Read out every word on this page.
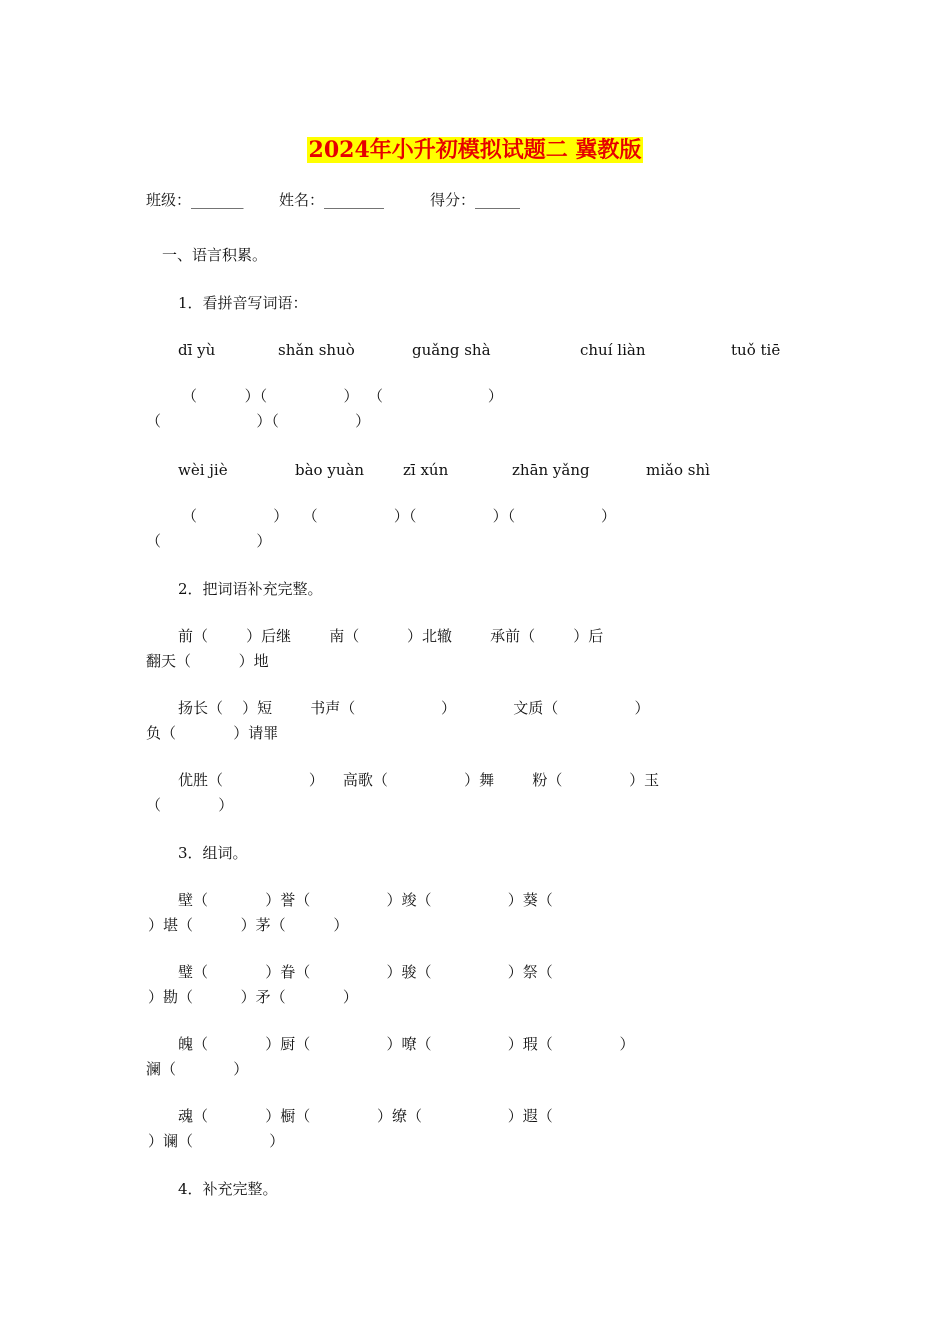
2024年小升初模拟试题二 冀教版
班级：_______ 姓名：________	得分：______
一、语言积累。
1．看拼音写词语：
dī yù	shǎn shuò	guǎng shà	chuí liàn	tuǒ tiē
（          ）（                ）  （                      ）
（                    ）（                ）
wèi jiè	bào yuàn	zī xún	zhān yǎng	miǎo shì
（                ）   （                ）（                ）（                  ）
（                    ）
2．把词语补充完整。
前（        ）后继        南（          ）北辙        承前（        ）后
翻天（          ）地
扬长（    ）短        书声（                  ）            文质（                ）
负（            ）请罪
优胜（                  ）    高歌（                ）舞        粉（              ）玉
（            ）
3．组词。
壁（            ）誉（                ）竣（                ）葵（
）堪（          ）茅（          ）
璧（            ）眷（                ）骏（                ）祭（
）勘（          ）矛（            ）
魄（            ）厨（                ）嘹（                ）瑕（              ）
澜（            ）
魂（            ）橱（              ）缭（                  ）遐（
）谰（                ）
4．补充完整。
